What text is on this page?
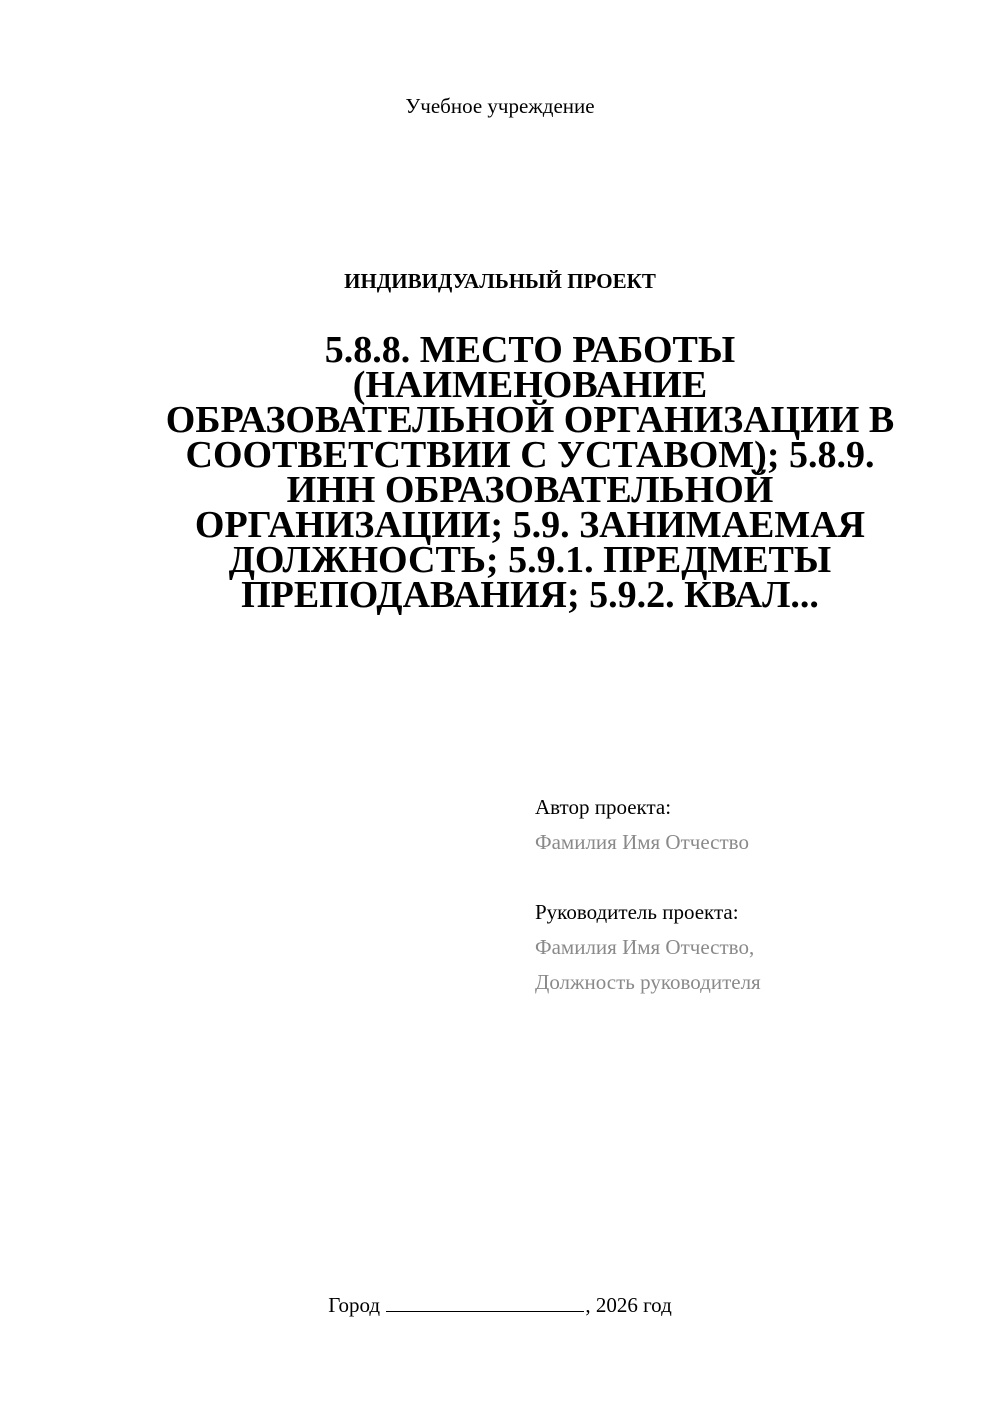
Учебное учреждение
ИНДИВИДУАЛЬНЫЙ ПРОЕКТ
5.8.8. МЕСТО РАБОТЫ
(НАИМЕНОВАНИЕ
ОБРАЗОВАТЕЛЬНОЙ ОРГАНИЗАЦИИ В
СООТВЕТСТВИИ С УСТАВОМ); 5.8.9.
ИНН ОБРАЗОВАТЕЛЬНОЙ
ОРГАНИЗАЦИИ; 5.9. ЗАНИМАЕМАЯ
ДОЛЖНОСТЬ; 5.9.1. ПРЕДМЕТЫ
ПРЕПОДАВАНИЯ; 5.9.2. КВАЛ...
Автор проекта:
Фамилия Имя Отчество
Руководитель проекта:
Фамилия Имя Отчество,
Должность руководителя
Город	, 2026 год
